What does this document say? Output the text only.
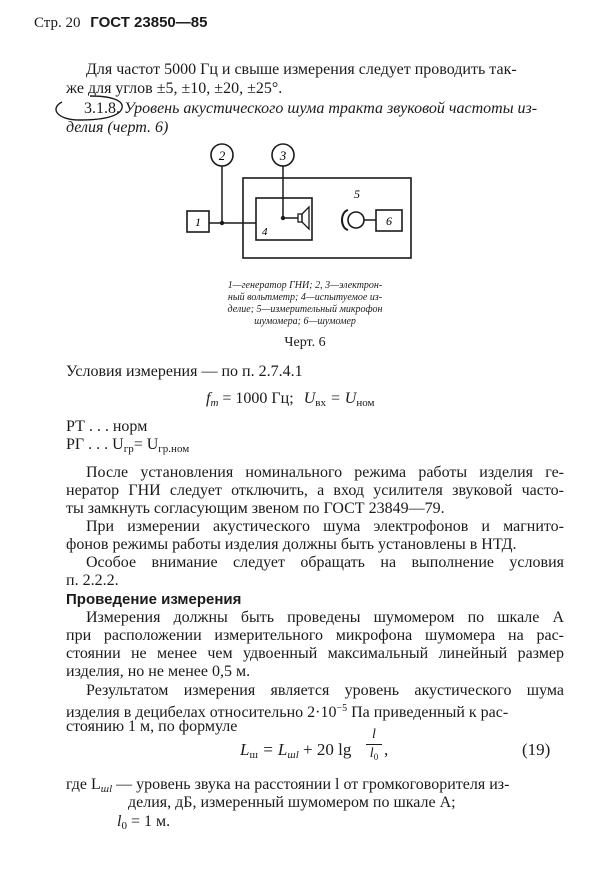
Стр. 20 ГОСТ 23850—85
Для частот 5000 Гц и свыше измерения следует проводить так-
же для углов ±5, ±10, ±20, ±25°.
3.1.8. Уровень акустического шума тракта звуковой частоты из-
делия (черт. 6)
2	3
1
4
5
6
1—генератор ГНИ; 2, 3—электрон-
ный вольтметр; 4—испытуемое из-
делие; 5—измерительный микрофон
шумомера; 6—шумомер
Черт. 6
Условия измерения — по п. 2.7.4.1
$f_m = 1000$ Гц; $U_{вх} = U_{ном}$
РТ . . . норм
РГ . . . $U_{гр}= U_{гр.ном}$
После установления номинального режима работы изделия ге-
нератор ГНИ следует отключить, а вход усилителя звуковой часто-
ты замкнуть согласующим звеном по ГОСТ 23849—79.
При измерении акустического шума электрофонов и магнито-
фонов режимы работы изделия должны быть установлены в НТД.
Особое внимание следует обращать на выполнение условия
п. 2.2.2.
Проведение измерения
Измерения должны быть проведены шумомером по шкале A
при расположении измерительного микрофона шумомера на рас-
стоянии не менее чем удвоенный максимальный линейный размер
изделия, но не менее 0,5 м.
Результатом измерения является уровень акустического шума
изделия в децибелах относительно $2\cdot 10^{-5}$ Па приведенный к рас-
стоянию 1 м, по формуле
$L_ш = L_{шl} + 20$ $\lg \frac{l}{l_0}$ ,	(19)
где $L_{шl}$ — уровень звука на расстоянии l от громкоговорителя из-
делия, дБ, измеренный шумомером по шкале A;
$l_0 = 1$ м.
